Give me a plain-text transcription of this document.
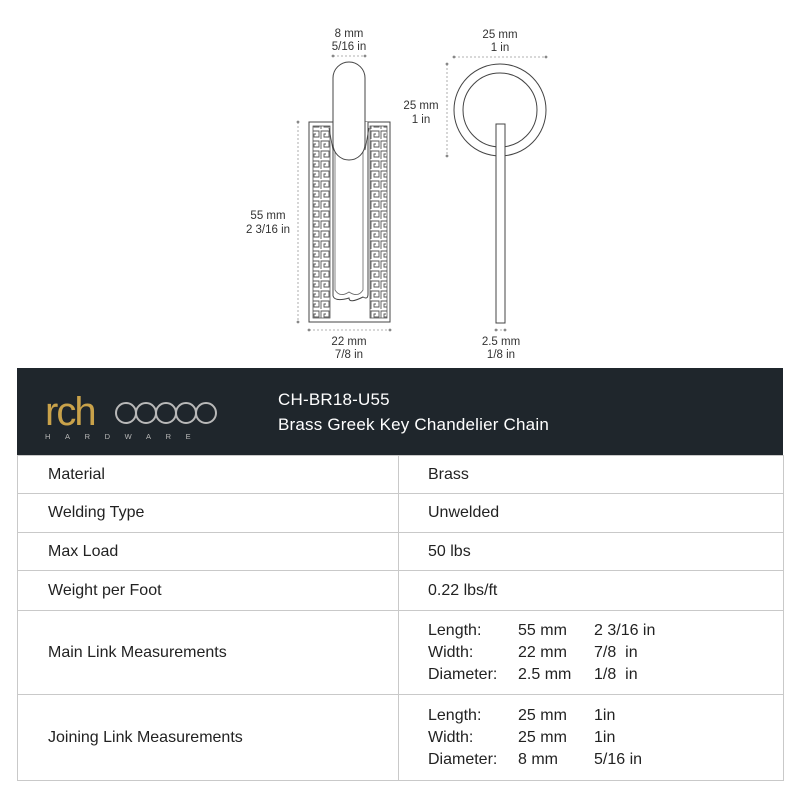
8 mm
5/16 in
55 mm
2 3/16 in
22 mm
7/8 in
25 mm
1 in
25 mm
1 in
2.5 mm
1/8 in
rch
HARDWARE
CH-BR18-U55
Brass Greek Key Chandelier Chain
Material	Brass
Welding Type	Unwelded
Max Load	50 lbs
Weight per Foot	0.22 lbs/ft
Main Link Measurements	Length: 55 mm 2 3/16 in
Width: 22 mm 7/8  in
Diameter: 2.5 mm 1/8  in

Joining Link Measurements	Length: 25 mm 1in
Width: 25 mm 1in
Diameter: 8 mm 5/16 in
